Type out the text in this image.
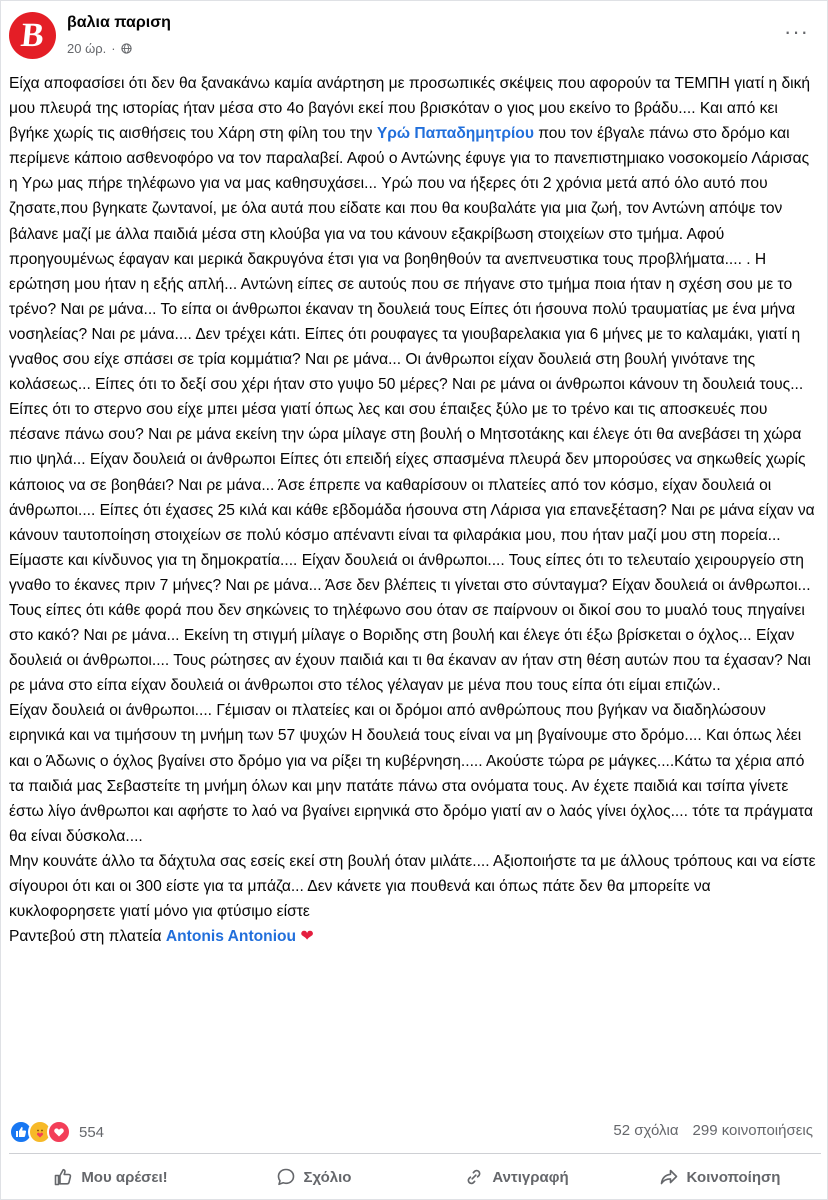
B βαλια παριση
20 ώρ. ·
···

Είχα αποφασίσει ότι δεν θα ξανακάνω καμία ανάρτηση με προσωπικές σκέψεις που αφορούν τα ΤΕΜΠΗ γιατί η δική μου πλευρά της ιστορίας ήταν μέσα στο 4ο βαγόνι εκεί που βρισκόταν ο γιος μου εκείνο το βράδυ.... Και από κει βγήκε χωρίς τις αισθήσεις του Χάρη στη φίλη του την Υρώ Παπαδημητρίου που τον έβγαλε πάνω στο δρόμο και περίμενε κάποιο ασθενοφόρο να τον παραλαβεί. Αφού ο Αντώνης έφυγε για το πανεπιστημιακο νοσοκομείο Λάρισας η Υρω μας πήρε τηλέφωνο για να μας καθησυχάσει... Υρώ που να ήξερες ότι 2 χρόνια μετά από όλο αυτό που ζησατε,που βγηκατε ζωντανοί, με όλα αυτά που είδατε και που θα κουβαλάτε για μια ζωή, τον Αντώνη απόψε τον βάλανε μαζί με άλλα παιδιά μέσα στη κλούβα για να του κάνουν εξακρίβωση στοιχείων στο τμήμα. Αφού προηγουμένως έφαγαν και μερικά δακρυγόνα έτσι για να βοηθηθούν τα ανεπνευστικα τους προβλήματα.... . Η ερώτηση μου ήταν η εξής απλή... Αντώνη είπες σε αυτούς που σε πήγανε στο τμήμα ποια ήταν η σχέση σου με το τρένο? Ναι ρε μάνα... Το είπα οι άνθρωποι έκαναν τη δουλειά τους Είπες ότι ήσουνα πολύ τραυματίας με ένα μήνα νοσηλείας? Ναι ρε μάνα.... Δεν τρέχει κάτι. Είπες ότι ρουφαγες τα γιουβαρελακια για 6 μήνες με το καλαμάκι, γιατί η γναθος σου είχε σπάσει σε τρία κομμάτια? Ναι ρε μάνα... Οι άνθρωποι είχαν δουλειά στη βουλή γινότανε της κολάσεως... Είπες ότι το δεξί σου χέρι ήταν στο γυψο 50 μέρες? Ναι ρε μάνα οι άνθρωποι κάνουν τη δουλειά τους... Είπες ότι το στερνο σου είχε μπει μέσα γιατί όπως λες και σου έπαιξες ξύλο με το τρένο και τις αποσκευές που πέσανε πάνω σου? Ναι ρε μάνα εκείνη την ώρα μίλαγε στη βουλή ο Μητσοτάκης και έλεγε ότι θα ανεβάσει τη χώρα πιο ψηλά... Είχαν δουλειά οι άνθρωποι Είπες ότι επειδή είχες σπασμένα πλευρά δεν μπορούσες να σηκωθείς χωρίς κάποιος να σε βοηθάει? Ναι ρε μάνα... Άσε έπρεπε να καθαρίσουν οι πλατείες από τον κόσμο, είχαν δουλειά οι άνθρωποι.... Είπες ότι έχασες 25 κιλά και κάθε εβδομάδα ήσουνα στη Λάρισα για επανεξέταση? Ναι ρε μάνα είχαν να κάνουν ταυτοποίηση στοιχείων σε πολύ κόσμο απέναντι είναι τα φιλαράκια μου, που ήταν μαζί μου στη πορεία... Είμαστε και κίνδυνος για τη δημοκρατία.... Είχαν δουλειά οι άνθρωποι.... Τους είπες ότι το τελευταίο χειρουργείο στη γναθο το έκανες πριν 7 μήνες? Ναι ρε μάνα... Άσε δεν βλέπεις τι γίνεται στο σύνταγμα? Είχαν δουλειά οι άνθρωποι... Τους είπες ότι κάθε φορά που δεν σηκώνεις το τηλέφωνο σου όταν σε παίρνουν οι δικοί σου το μυαλό τους πηγαίνει στο κακό? Ναι ρε μάνα... Εκείνη τη στιγμή μίλαγε ο Βοριδης στη βουλή και έλεγε ότι έξω βρίσκεται ο όχλος... Είχαν δουλειά οι άνθρωποι.... Τους ρώτησες αν έχουν παιδιά και τι θα έκαναν αν ήταν στη θέση αυτών που τα έχασαν? Ναι ρε μάνα στο είπα είχαν δουλειά οι άνθρωποι στο τέλος γέλαγαν με μένα που τους είπα ότι είμαι επιζών..

Είχαν δουλειά οι άνθρωποι.... Γέμισαν οι πλατείες και οι δρόμοι από ανθρώπους που βγήκαν να διαδηλώσουν ειρηνικά και να τιμήσουν τη μνήμη των 57 ψυχών Η δουλειά τους είναι να μη βγαίνουμε στο δρόμο.... Και όπως λέει και ο Άδωνις ο όχλος βγαίνει στο δρόμο για να ρίξει τη κυβέρνηση..... Ακούστε τώρα ρε μάγκες....Κάτω τα χέρια από τα παιδιά μας Σεβαστείτε τη μνήμη όλων και μην πατάτε πάνω στα ονόματα τους. Αν έχετε παιδιά και τσίπα γίνετε έστω λίγο άνθρωποι και αφήστε το λαό να βγαίνει ειρηνικά στο δρόμο γιατί αν ο λαός γίνει όχλος.... τότε τα πράγματα θα είναι δύσκολα....

Μην κουνάτε άλλο τα δάχτυλα σας εσείς εκεί στη βουλή όταν μιλάτε.... Αξιοποιήστε τα με άλλους τρόπους και να είστε σίγουροι ότι και οι 300 είστε για τα μπάζα... Δεν κάνετε για πουθενά και όπως πάτε δεν θα μπορείτε να κυκλοφορησετε γιατί μόνο για φτύσιμο είστε

Ραντεβού στη πλατεία Antonis Antoniou ❤

554	52 σχόλια 299 κοινοποιήσεις
Μου αρέσει!	Σχόλιο	Αντιγραφή	Κοινοποίηση
